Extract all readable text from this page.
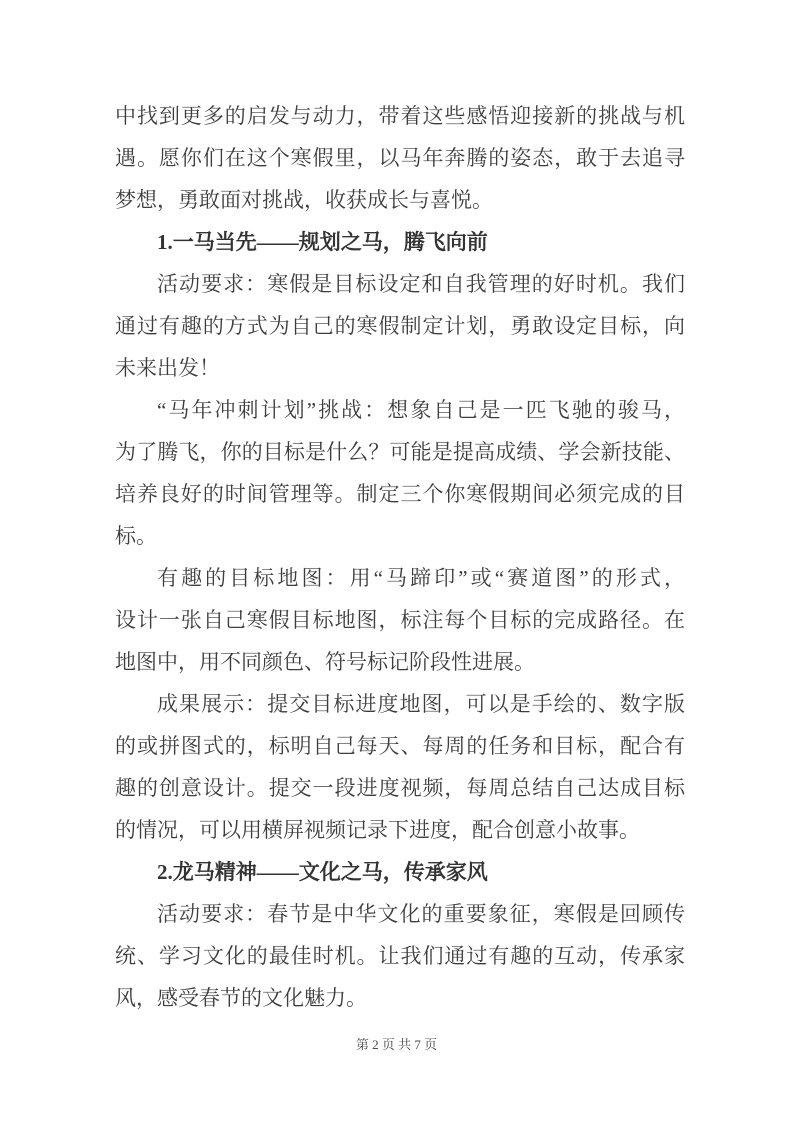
中找到更多的启发与动力，带着这些感悟迎接新的挑战与机
遇。愿你们在这个寒假里，以马年奔腾的姿态，敢于去追寻
梦想，勇敢面对挑战，收获成长与喜悦。
1.一马当先——规划之马，腾飞向前
活动要求：寒假是目标设定和自我管理的好时机。我们
通过有趣的方式为自己的寒假制定计划，勇敢设定目标，向
未来出发！
“马年冲刺计划”挑战：想象自己是一匹飞驰的骏马，
为了腾飞，你的目标是什么？可能是提高成绩、学会新技能、
培养良好的时间管理等。制定三个你寒假期间必须完成的目
标。
有趣的目标地图：用“马蹄印”或“赛道图”的形式，
设计一张自己寒假目标地图，标注每个目标的完成路径。在
地图中，用不同颜色、符号标记阶段性进展。
成果展示：提交目标进度地图，可以是手绘的、数字版
的或拼图式的，标明自己每天、每周的任务和目标，配合有
趣的创意设计。提交一段进度视频，每周总结自己达成目标
的情况，可以用横屏视频记录下进度，配合创意小故事。
2.龙马精神——文化之马，传承家风
活动要求：春节是中华文化的重要象征，寒假是回顾传
统、学习文化的最佳时机。让我们通过有趣的互动，传承家
风，感受春节的文化魅力。
第 2 页 共 7 页
